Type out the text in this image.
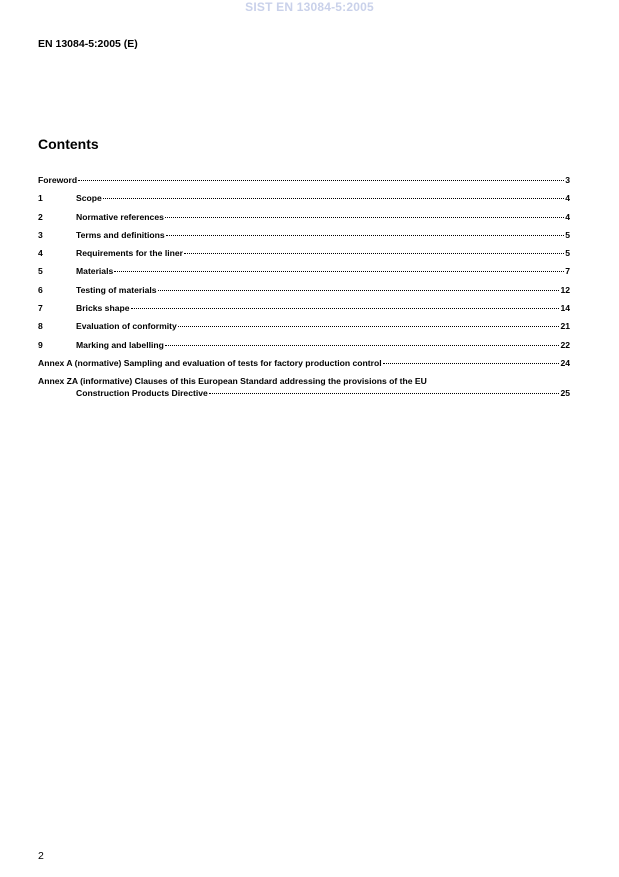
SIST EN 13084-5:2005
EN 13084-5:2005 (E)
Contents
Foreword	3
1	Scope	4
2	Normative references	4
3	Terms and definitions	5
4	Requirements for the liner	5
5	Materials	7
6	Testing of materials	12
7	Bricks shape	14
8	Evaluation of conformity	21
9	Marking and labelling	22
Annex A (normative) Sampling and evaluation of tests for factory production control	24
Annex ZA (informative) Clauses of this European Standard addressing the provisions of the EU
Construction Products Directive	25
2
